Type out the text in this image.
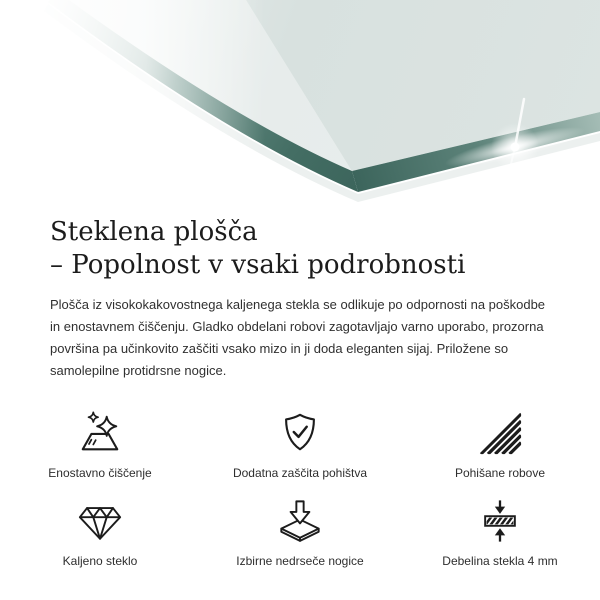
Steklena plošča
– Popolnost v vsaki podrobnosti

Plošča iz visokokakovostnega kaljenega stekla se odlikuje po odpornosti na poškodbe in enostavnem čiščenju. Gladko obdelani robovi zagotavljajo varno uporabo, prozorna površina pa učinkovito zaščiti vsako mizo in ji doda eleganten sijaj. Priložene so samolepilne protidrsne nogice.

Enostavno čiščenje	Dodatna zaščita pohištva	Pohišane robove
Kaljeno steklo	Izbirne nedrseče nogice	Debelina stekla 4 mm
